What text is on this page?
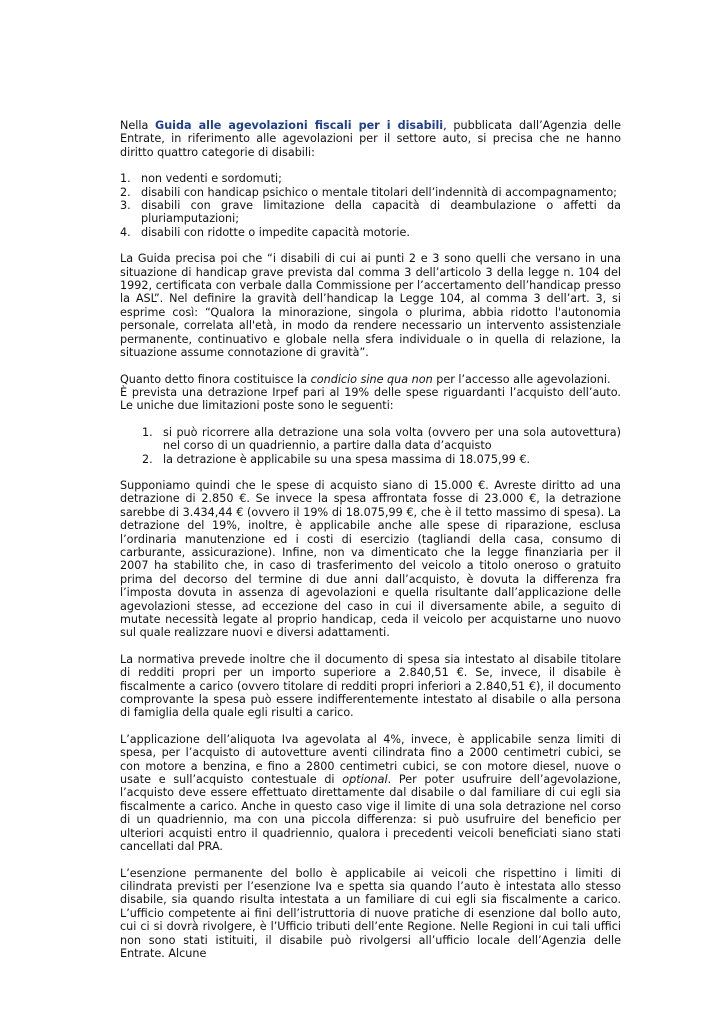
Nella Guida alle agevolazioni fiscali per i disabili, pubblicata dall’Agenzia delle Entrate, in riferimento alle agevolazioni per il settore auto, si precisa che ne hanno diritto quattro categorie di disabili:

1. non vedenti e sordomuti;
2. disabili con handicap psichico o mentale titolari dell’indennità di accompagnamento;
3. disabili con grave limitazione della capacità di deambulazione o affetti da pluriamputazioni;
4. disabili con ridotte o impedite capacità motorie.

La Guida precisa poi che “i disabili di cui ai punti 2 e 3 sono quelli che versano in una situazione di handicap grave prevista dal comma 3 dell’articolo 3 della legge n. 104 del 1992, certificata con verbale dalla Commissione per l’accertamento dell’handicap presso la ASL”. Nel definire la gravità dell’handicap la Legge 104, al comma 3 dell’art. 3, si esprime così: “Qualora la minorazione, singola o plurima, abbia ridotto l'autonomia personale, correlata all'età, in modo da rendere necessario un intervento assistenziale permanente, continuativo e globale nella sfera individuale o in quella di relazione, la situazione assume connotazione di gravità”.

Quanto detto finora costituisce la condicio sine qua non per l’accesso alle agevolazioni.

È prevista una detrazione Irpef pari al 19% delle spese riguardanti l’acquisto dell’auto. Le uniche due limitazioni poste sono le seguenti:

1. si può ricorrere alla detrazione una sola volta (ovvero per una sola autovettura) nel corso di un quadriennio, a partire dalla data d’acquisto
2. la detrazione è applicabile su una spesa massima di 18.075,99 €.

Supponiamo quindi che le spese di acquisto siano di 15.000 €. Avreste diritto ad una detrazione di 2.850 €. Se invece la spesa affrontata fosse di 23.000 €, la detrazione sarebbe di 3.434,44 € (ovvero il 19% di 18.075,99 €, che è il tetto massimo di spesa). La detrazione del 19%, inoltre, è applicabile anche alle spese di riparazione, esclusa l’ordinaria manutenzione ed i costi di esercizio (tagliandi della casa, consumo di carburante, assicurazione). Infine, non va dimenticato che la legge finanziaria per il 2007 ha stabilito che, in caso di trasferimento del veicolo a titolo oneroso o gratuito prima del decorso del termine di due anni dall’acquisto, è dovuta la differenza fra l’imposta dovuta in assenza di agevolazioni e quella risultante dall’applicazione delle agevolazioni stesse, ad eccezione del caso in cui il diversamente abile, a seguito di mutate necessità legate al proprio handicap, ceda il veicolo per acquistarne uno nuovo sul quale realizzare nuovi e diversi adattamenti.

La normativa prevede inoltre che il documento di spesa sia intestato al disabile titolare di redditi propri per un importo superiore a 2.840,51 €. Se, invece, il disabile è fiscalmente a carico (ovvero titolare di redditi propri inferiori a 2.840,51 €), il documento comprovante la spesa può essere indifferentemente intestato al disabile o alla persona di famiglia della quale egli risulti a carico.

L’applicazione dell’aliquota Iva agevolata al 4%, invece, è applicabile senza limiti di spesa, per l’acquisto di autovetture aventi cilindrata fino a 2000 centimetri cubici, se con motore a benzina, e fino a 2800 centimetri cubici, se con motore diesel, nuove o usate e sull’acquisto contestuale di optional. Per poter usufruire dell’agevolazione, l’acquisto deve essere effettuato direttamente dal disabile o dal familiare di cui egli sia fiscalmente a carico. Anche in questo caso vige il limite di una sola detrazione nel corso di un quadriennio, ma con una piccola differenza: si può usufruire del beneficio per ulteriori acquisti entro il quadriennio, qualora i precedenti veicoli beneficiati siano stati cancellati dal PRA.

L’esenzione permanente del bollo è applicabile ai veicoli che rispettino i limiti di cilindrata previsti per l’esenzione Iva e spetta sia quando l’auto è intestata allo stesso disabile, sia quando risulta intestata a un familiare di cui egli sia fiscalmente a carico. L’ufficio competente ai fini dell’istruttoria di nuove pratiche di esenzione dal bollo auto, cui ci si dovrà rivolgere, è l’Ufficio tributi dell’ente Regione. Nelle Regioni in cui tali uffici non sono stati istituiti, il disabile può rivolgersi all’ufficio locale dell’Agenzia delle Entrate. Alcune
